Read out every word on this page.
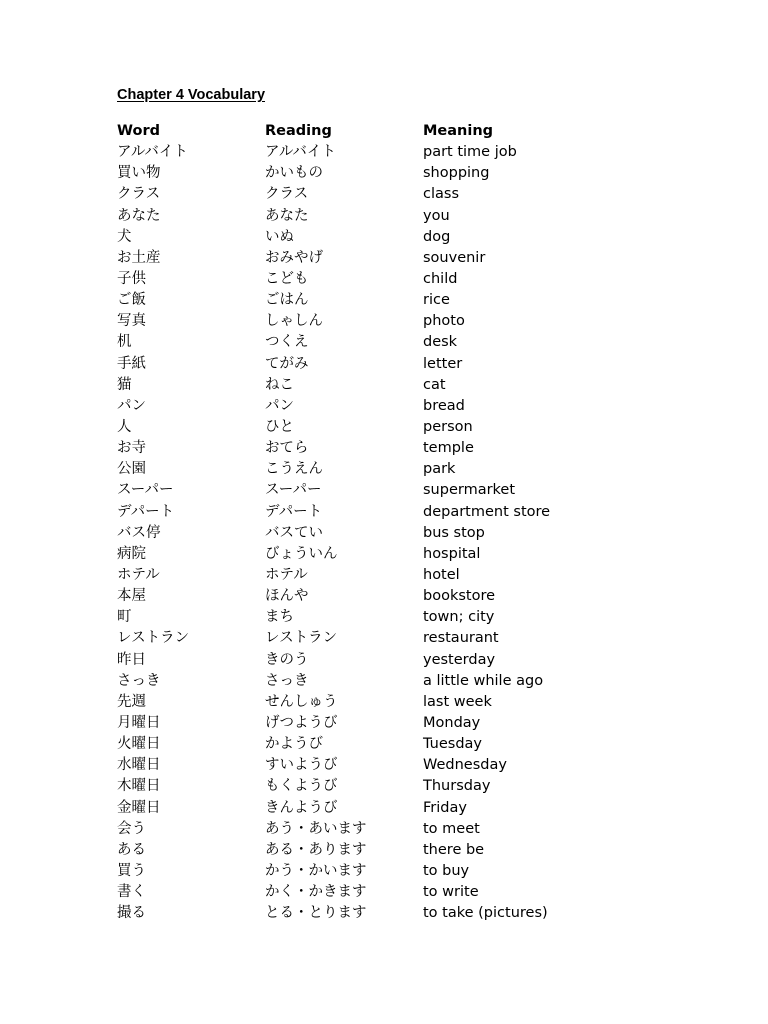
Chapter 4 Vocabulary
Word	Reading	Meaning
アルバイト	アルバイト	part time job
買い物	かいもの	shopping
クラス	クラス	class
あなた	あなた	you
犬	いぬ	dog
お土産	おみやげ	souvenir
子供	こども	child
ご飯	ごはん	rice
写真	しゃしん	photo
机	つくえ	desk
手紙	てがみ	letter
猫	ねこ	cat
パン	パン	bread
人	ひと	person
お寺	おてら	temple
公園	こうえん	park
スーパー	スーパー	supermarket
デパート	デパート	department store
バス停	バスてい	bus stop
病院	びょういん	hospital
ホテル	ホテル	hotel
本屋	ほんや	bookstore
町	まち	town; city
レストラン	レストラン	restaurant
昨日	きのう	yesterday
さっき	さっき	a little while ago
先週	せんしゅう	last week
月曜日	げつようび	Monday
火曜日	かようび	Tuesday
水曜日	すいようび	Wednesday
木曜日	もくようび	Thursday
金曜日	きんようび	Friday
会う	あう・あいます	to meet
ある	ある・あります	there be
買う	かう・かいます	to buy
書く	かく・かきます	to write
撮る	とる・とります	to take (pictures)
